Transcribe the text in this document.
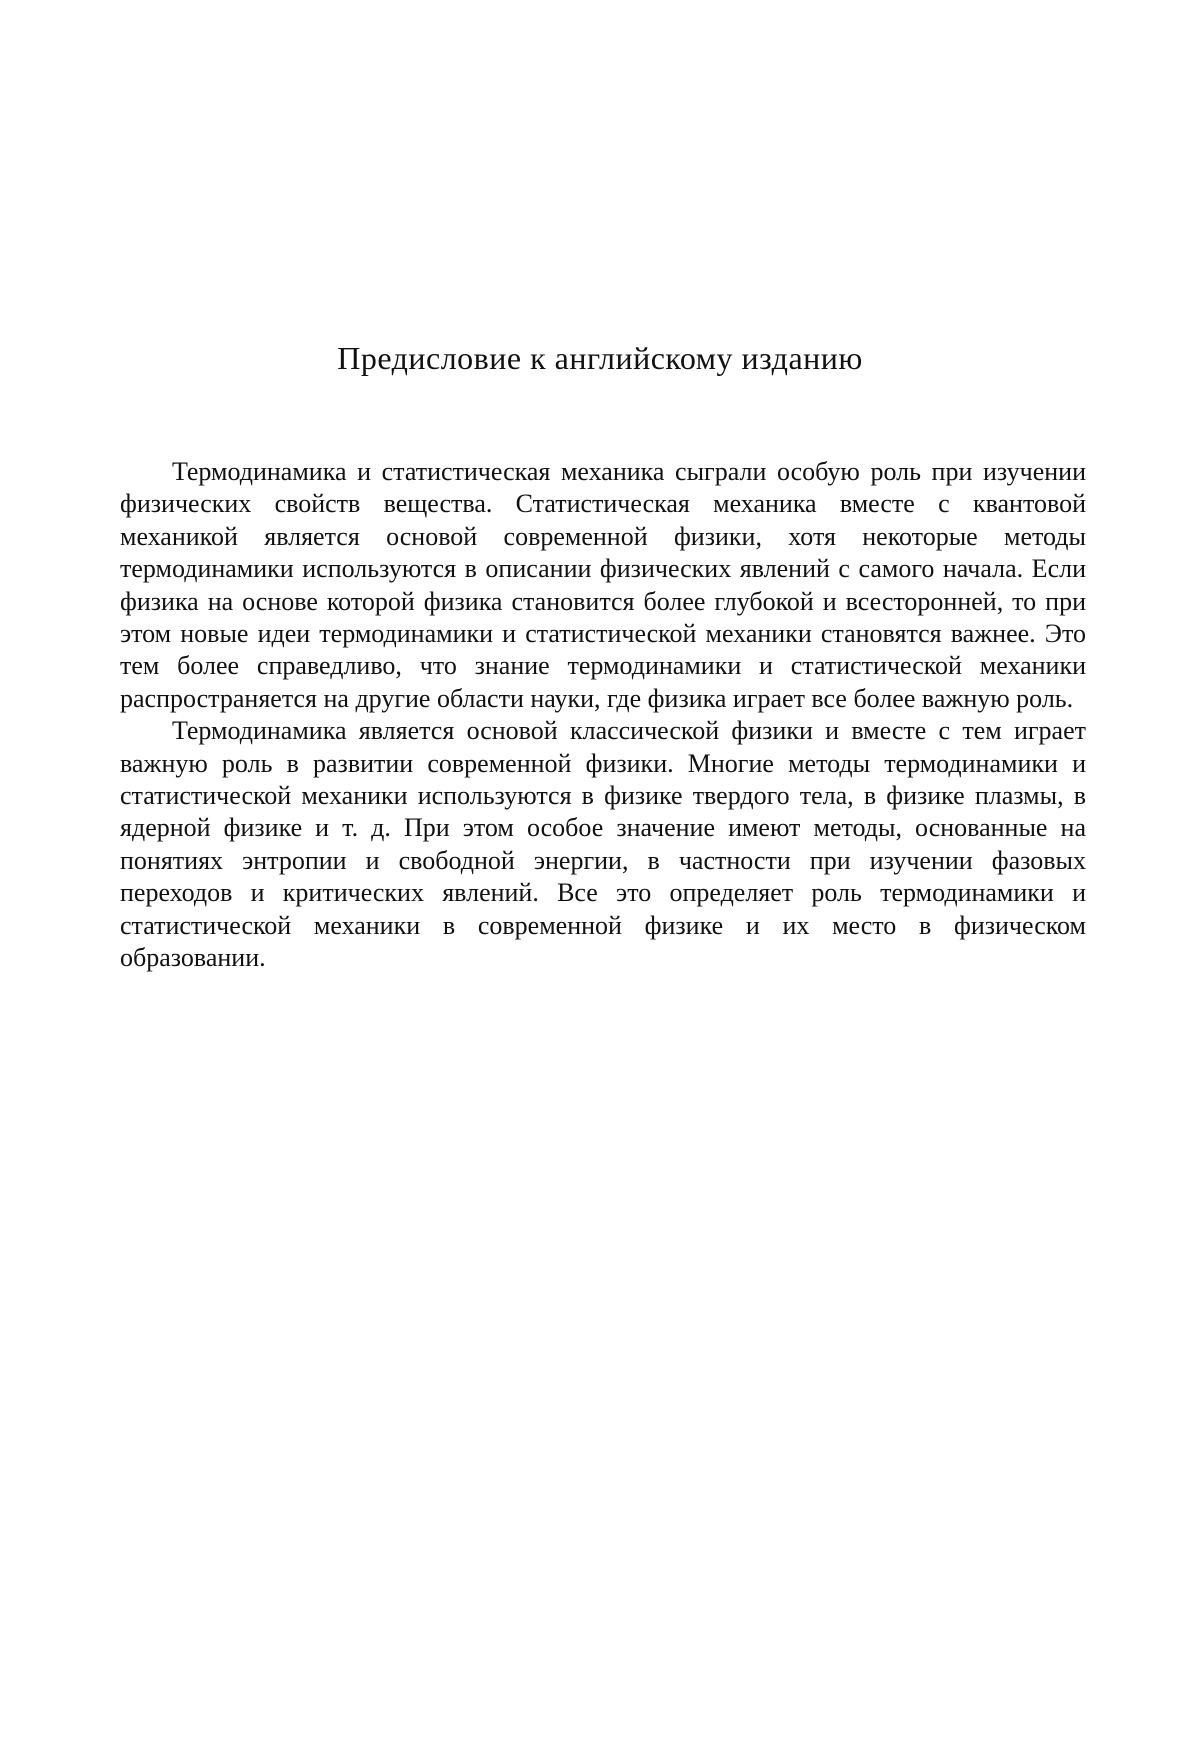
Предисловие к английскому изданию

Термодинамика и статистическая механика сыграли особую роль при изучении физических свойств вещества. Статистическая механика вместе с квантовой механикой является основой современной физики, хотя некоторые методы термодинамики используются в описании физических явлений с самого начала. Если физика на основе которой физика становится более глубокой и всесторонней, то при этом новые идеи термодинамики и статистической механики становятся важнее. Это тем более справедливо, что знание термодинамики и статистической механики распространяется на другие области науки, где физика играет все более важную роль.

Термодинамика является основой классической физики и вместе с тем играет важную роль в развитии современной физики. Многие методы термодинамики и статистической механики используются в физике твердого тела, в физике плазмы, в ядерной физике и т. д. При этом особое значение имеют методы, основанные на понятиях энтропии и свободной энергии, в частности при изучении фазовых переходов и критических явлений. Все это определяет роль термодинамики и статистической механики в современной физике и их место в физическом образовании.
